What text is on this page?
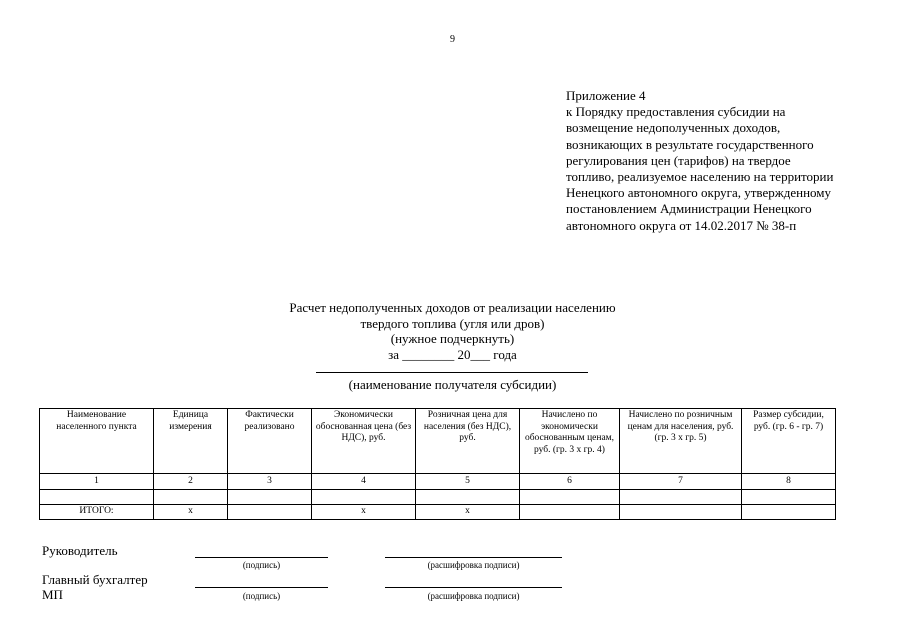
9
Приложение 4
к Порядку предоставления субсидии на
возмещение недополученных доходов,
возникающих в результате государственного
регулирования цен (тарифов) на твердое
топливо, реализуемое населению на территории
Ненецкого автономного округа, утвержденному
постановлением Администрации Ненецкого
автономного округа от 14.02.2017 № 38-п
Расчет недополученных доходов от реализации населению
твердого топлива (угля или дров)
(нужное подчеркнуть)
за ________ 20___ года
(наименование получателя субсидии)
Наименование населенного пункта	Единица измерения	Фактически реализовано	Экономически обоснованная цена (без НДС), руб.	Розничная цена для населения (без НДС), руб.	Начислено по экономически обоснованным ценам, руб. (гр. 3 х гр. 4)	Начислено по розничным ценам для населения, руб. (гр. 3 х гр. 5)	Размер субсидии, руб. (гр. 6 - гр. 7)
1	2	3	4	5	6	7	8

ИТОГО:	х		х	х			
Руководитель
(подпись)	(расшифровка подписи)
Главный бухгалтер
МП	(подпись)	(расшифровка подписи)
